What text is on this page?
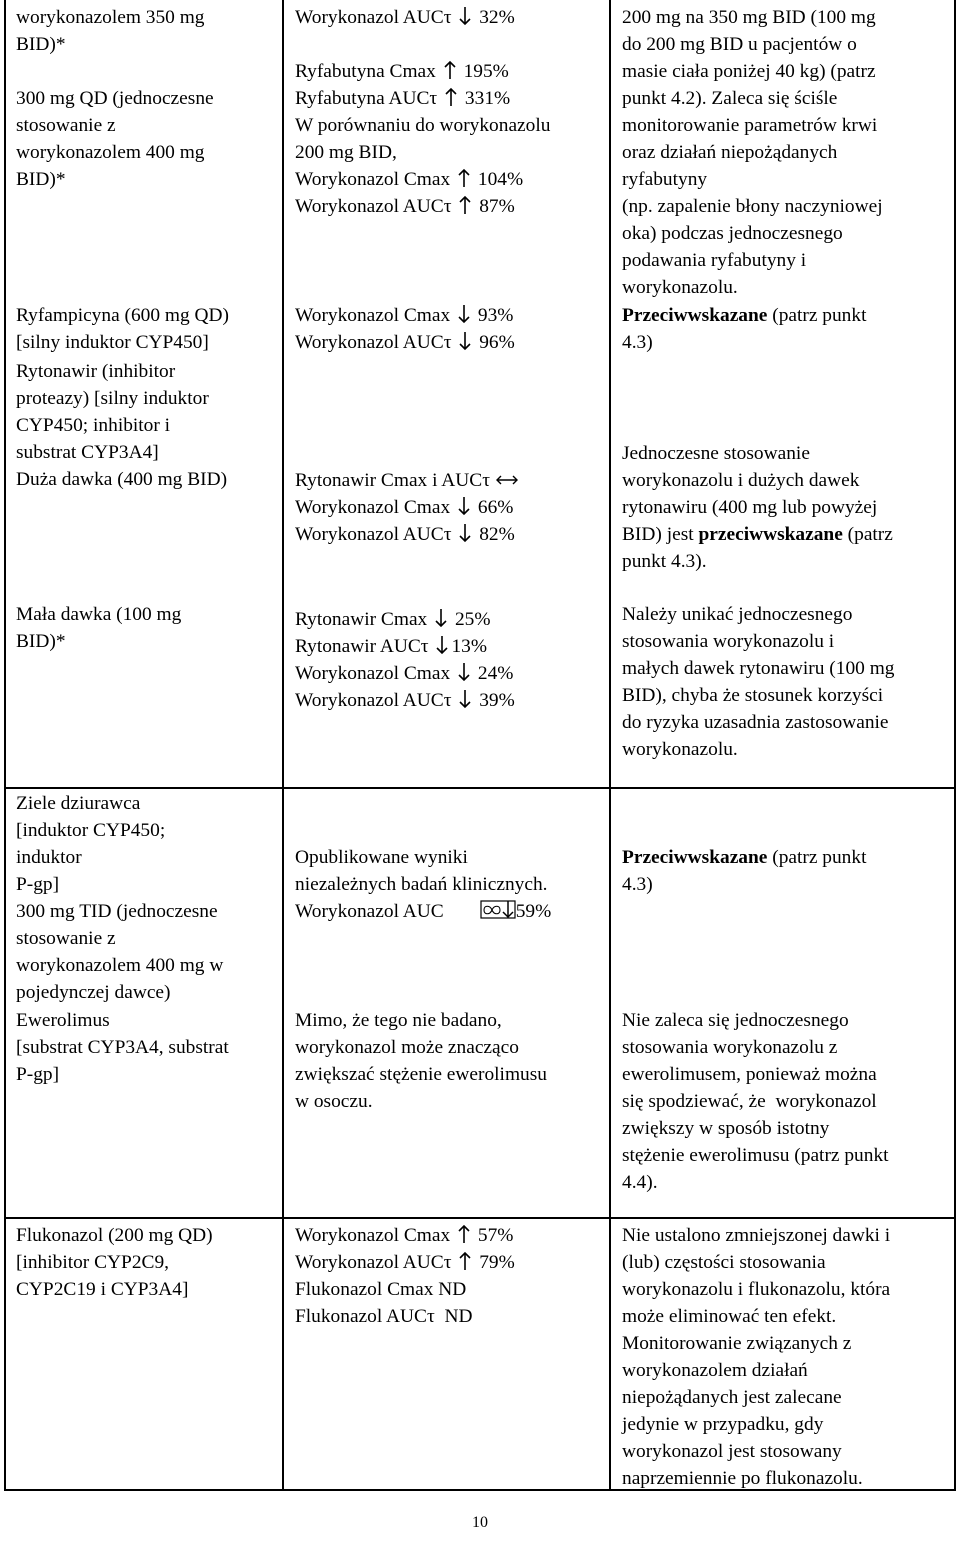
worykonazolem 350 mg
BID)*

300 mg QD (jednoczesne
stosowanie z
worykonazolem 400 mg
BID)*
Ryfampicyna (600 mg QD)
[silny induktor CYP450]
Rytonawir (inhibitor
proteazy) [silny induktor
CYP450; inhibitor i
substrat CYP3A4]
Duża dawka (400 mg BID)
Mała dawka (100 mg
BID)*
Ziele dziurawca
[induktor CYP450;
induktor
P-gp]
300 mg TID (jednoczesne
stosowanie z
worykonazolem 400 mg w
pojedynczej dawce)
Ewerolimus
[substrat CYP3A4, substrat
P-gp]
Flukonazol (200 mg QD)
[inhibitor CYP2C9,
CYP2C19 i CYP3A4]
Worykonazol AUCτ 32%

Ryfabutyna Cmax 195%
Ryfabutyna AUCτ 331%
W porównaniu do worykonazolu
200 mg BID,
Worykonazol Cmax 104%
Worykonazol AUCτ 87%
Worykonazol Cmax 93%
Worykonazol AUCτ 96%
Rytonawir Cmax i AUCτ
Worykonazol Cmax 66%
Worykonazol AUCτ 82%
Rytonawir Cmax 25%
Rytonawir AUCτ 13%
Worykonazol Cmax 24%
Worykonazol AUCτ 39%
Opublikowane wyniki
niezależnych badań klinicznych.
Worykonazol AUC	59%
Mimo, że tego nie badano,
worykonazol może znacząco
zwiększać stężenie ewerolimusu
w osoczu.
Worykonazol Cmax 57%
Worykonazol AUCτ 79%
Flukonazol Cmax ND
Flukonazol AUCτ  ND
200 mg na 350 mg BID (100 mg
do 200 mg BID u pacjentów o
masie ciała poniżej 40 kg) (patrz
punkt 4.2). Zaleca się ściśle
monitorowanie parametrów krwi
oraz działań niepożądanych
ryfabutyny
(np. zapalenie błony naczyniowej
oka) podczas jednoczesnego
podawania ryfabutyny i
worykonazolu.
Przeciwwskazane (patrz punkt
4.3)
Jednoczesne stosowanie
worykonazolu i dużych dawek
rytonawiru (400 mg lub powyżej
BID) jest przeciwwskazane (patrz
punkt 4.3).
Należy unikać jednoczesnego
stosowania worykonazolu i
małych dawek rytonawiru (100 mg
BID), chyba że stosunek korzyści
do ryzyka uzasadnia zastosowanie
worykonazolu.
Przeciwwskazane (patrz punkt
4.3)
Nie zaleca się jednoczesnego
stosowania worykonazolu z
ewerolimusem, ponieważ można
się spodziewać, że  worykonazol
zwiększy w sposób istotny
stężenie ewerolimusu (patrz punkt
4.4).
Nie ustalono zmniejszonej dawki i
(lub) częstości stosowania
worykonazolu i flukonazolu, która
może eliminować ten efekt.
Monitorowanie związanych z
worykonazolem działań
niepożądanych jest zalecane
jedynie w przypadku, gdy
worykonazol jest stosowany
naprzemiennie po flukonazolu.
10
